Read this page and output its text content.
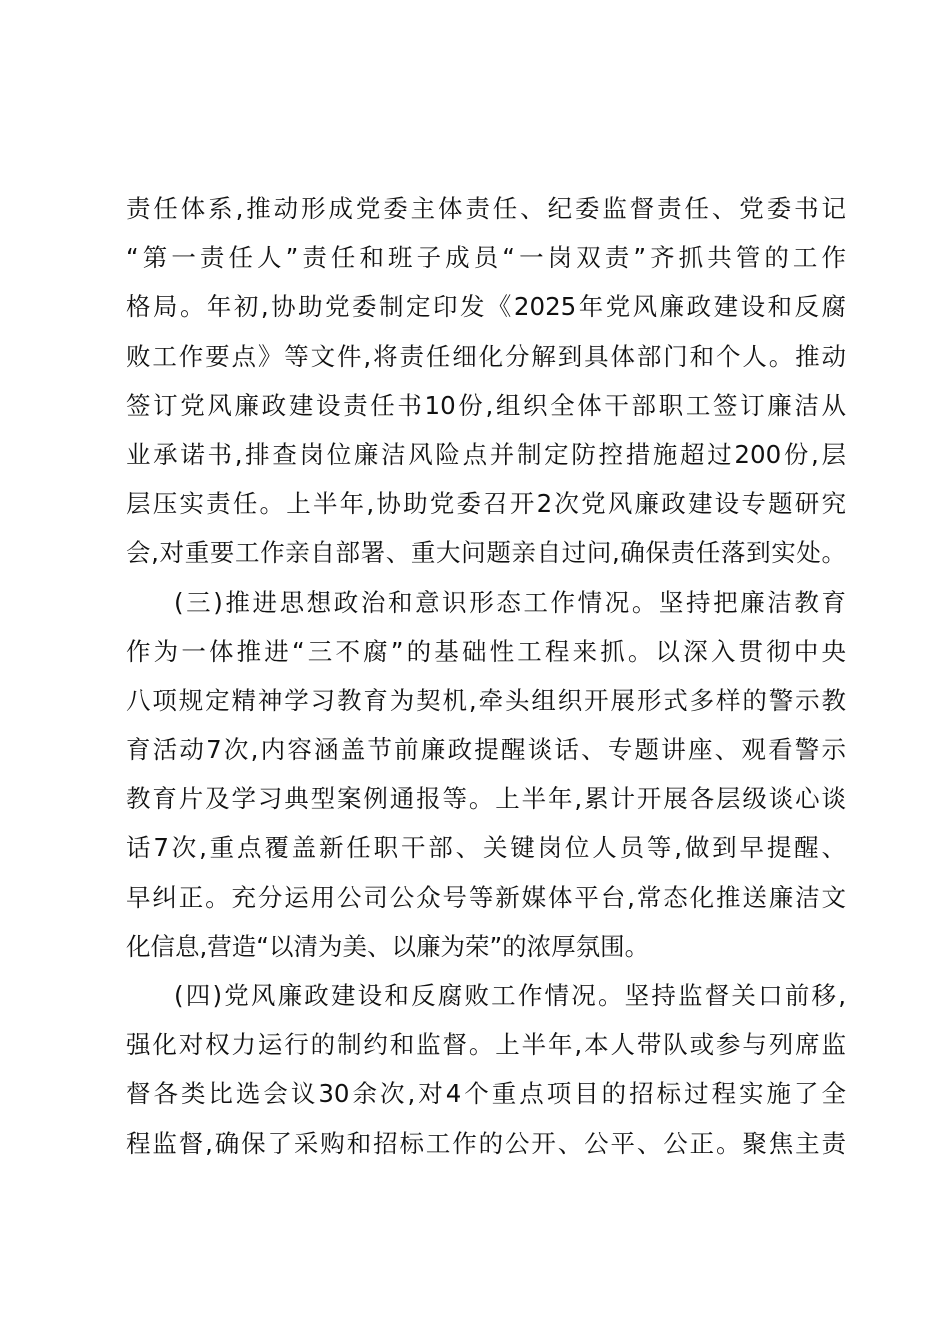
责任体系,推动形成党委主体责任、纪委监督责任、党委书记
“第一责任人”责任和班子成员“一岗双责”齐抓共管的工作
格局。年初,协助党委制定印发《2025年党风廉政建设和反腐
败工作要点》等文件,将责任细化分解到具体部门和个人。推动
签订党风廉政建设责任书10份,组织全体干部职工签订廉洁从
业承诺书,排查岗位廉洁风险点并制定防控措施超过200份,层
层压实责任。上半年,协助党委召开2次党风廉政建设专题研究
会,对重要工作亲自部署、重大问题亲自过问,确保责任落到实处。
(三)推进思想政治和意识形态工作情况。坚持把廉洁教育
作为一体推进“三不腐”的基础性工程来抓。以深入贯彻中央
八项规定精神学习教育为契机,牵头组织开展形式多样的警示教
育活动7次,内容涵盖节前廉政提醒谈话、专题讲座、观看警示
教育片及学习典型案例通报等。上半年,累计开展各层级谈心谈
话7次,重点覆盖新任职干部、关键岗位人员等,做到早提醒、
早纠正。充分运用公司公众号等新媒体平台,常态化推送廉洁文
化信息,营造“以清为美、以廉为荣”的浓厚氛围。
(四)党风廉政建设和反腐败工作情况。坚持监督关口前移,
强化对权力运行的制约和监督。上半年,本人带队或参与列席监
督各类比选会议30余次,对4个重点项目的招标过程实施了全
程监督,确保了采购和招标工作的公开、公平、公正。聚焦主责
